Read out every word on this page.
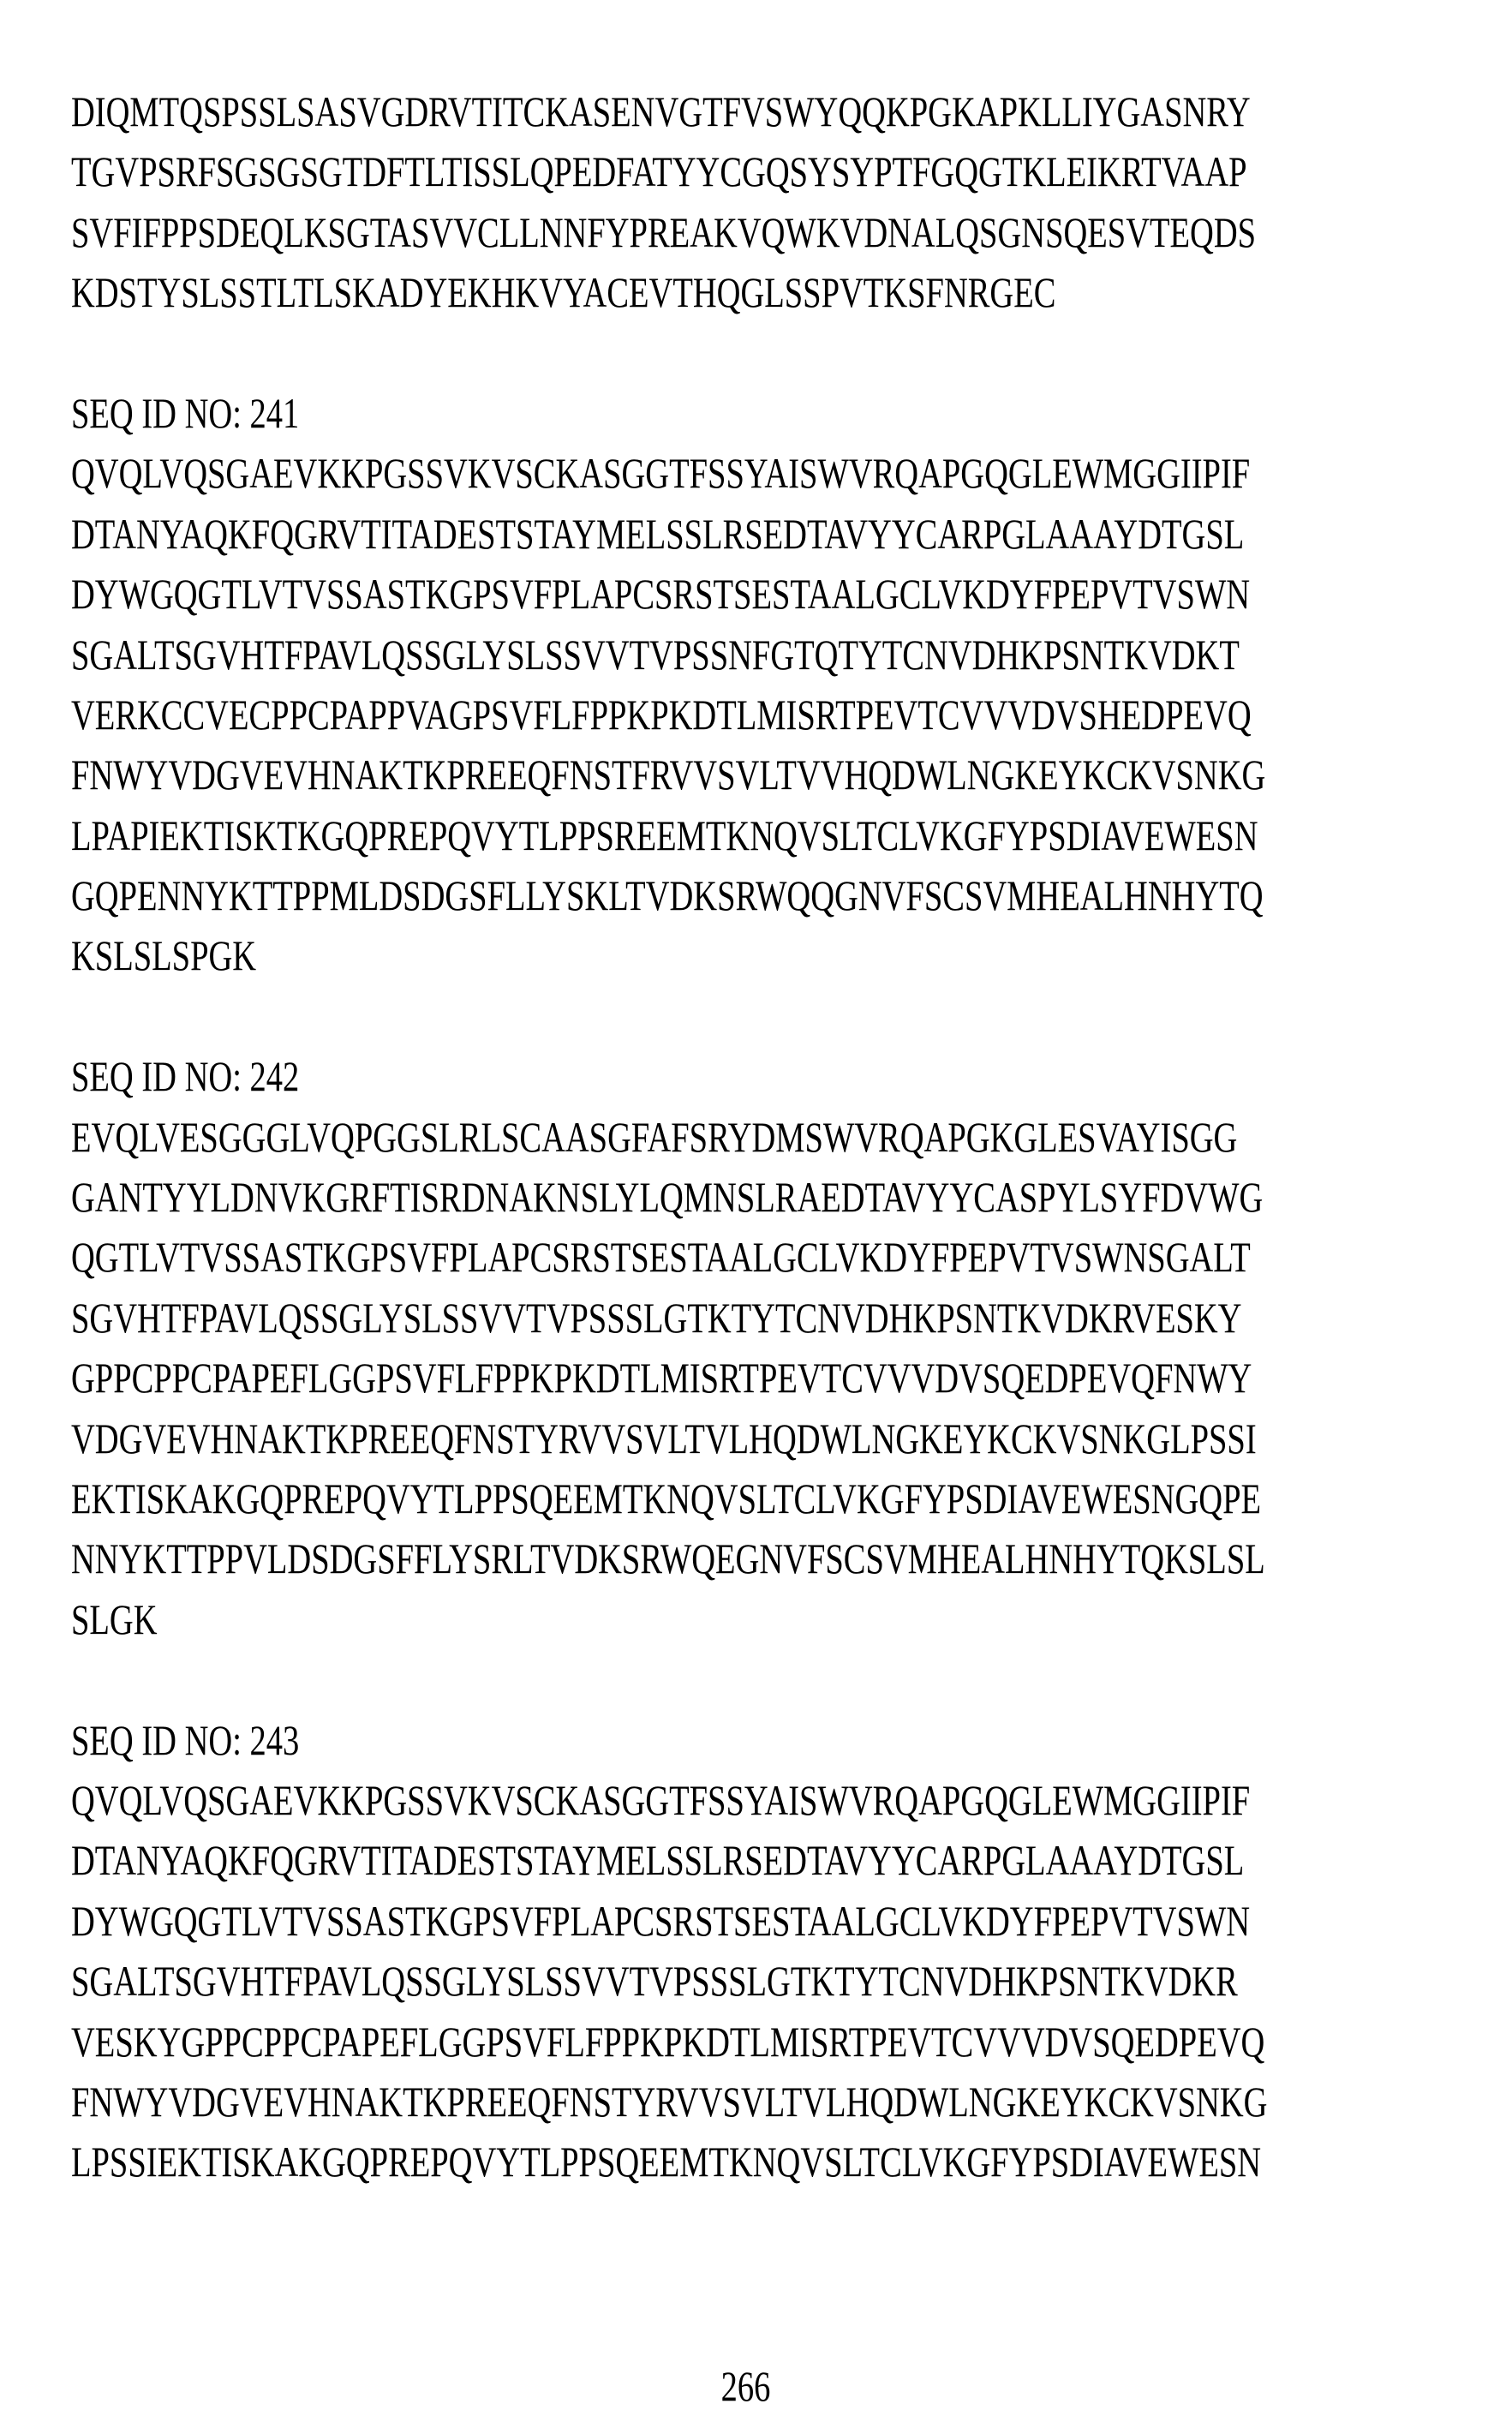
DIQMTQSPSSLSASVGDRVTITCKASENVGTFVSWYQQKPGKAPKLLIYGASNRY
TGVPSRFSGSGSGTDFTLTISSLQPEDFATYYCGQSYSYPTFGQGTKLEIKRTVAAP
SVFIFPPSDEQLKSGTASVVCLLNNFYPREAKVQWKVDNALQSGNSQESVTEQDS
KDSTYSLSSTLTLSKADYEKHKVYACEVTHQGLSSPVTKSFNRGEC
SEQ ID NO: 241
QVQLVQSGAEVKKPGSSVKVSCKASGGTFSSYAISWVRQAPGQGLEWMGGIIPIF
DTANYAQKFQGRVTITADESTSTAYMELSSLRSEDTAVYYCARPGLAAAYDTGSL
DYWGQGTLVTVSSASTKGPSVFPLAPCSRSTSESTAALGCLVKDYFPEPVTVSWN
SGALTSGVHTFPAVLQSSGLYSLSSVVTVPSSNFGTQTYTCNVDHKPSNTKVDKT
VERKCCVECPPCPAPPVAGPSVFLFPPKPKDTLMISRTPEVTCVVVDVSHEDPEVQ
FNWYVDGVEVHNAKTKPREEQFNSTFRVVSVLTVVHQDWLNGKEYKCKVSNKG
LPAPIEKTISKTKGQPREPQVYTLPPSREEMTKNQVSLTCLVKGFYPSDIAVEWESN
GQPENNYKTTPPMLDSDGSFLLYSKLTVDKSRWQQGNVFSCSVMHEALHNHYTQ
KSLSLSPGK
SEQ ID NO: 242
EVQLVESGGGLVQPGGSLRLSCAASGFAFSRYDMSWVRQAPGKGLESVAYISGG
GANTYYLDNVKGRFTISRDNAKNSLYLQMNSLRAEDTAVYYCASPYLSYFDVWG
QGTLVTVSSASTKGPSVFPLAPCSRSTSESTAALGCLVKDYFPEPVTVSWNSGALT
SGVHTFPAVLQSSGLYSLSSVVTVPSSSLGTKTYTCNVDHKPSNTKVDKRVESKY
GPPCPPCPAPEFLGGPSVFLFPPKPKDTLMISRTPEVTCVVVDVSQEDPEVQFNWY
VDGVEVHNAKTKPREEQFNSTYRVVSVLTVLHQDWLNGKEYKCKVSNKGLPSSI
EKTISKAKGQPREPQVYTLPPSQEEMTKNQVSLTCLVKGFYPSDIAVEWESNGQPE
NNYKTTPPVLDSDGSFFLYSRLTVDKSRWQEGNVFSCSVMHEALHNHYTQKSLSL
SLGK
SEQ ID NO: 243
QVQLVQSGAEVKKPGSSVKVSCKASGGTFSSYAISWVRQAPGQGLEWMGGIIPIF
DTANYAQKFQGRVTITADESTSTAYMELSSLRSEDTAVYYCARPGLAAAYDTGSL
DYWGQGTLVTVSSASTKGPSVFPLAPCSRSTSESTAALGCLVKDYFPEPVTVSWN
SGALTSGVHTFPAVLQSSGLYSLSSVVTVPSSSLGTKTYTCNVDHKPSNTKVDKR
VESKYGPPCPPCPAPEFLGGPSVFLFPPKPKDTLMISRTPEVTCVVVDVSQEDPEVQ
FNWYVDGVEVHNAKTKPREEQFNSTYRVVSVLTVLHQDWLNGKEYKCKVSNKG
LPSSIEKTISKAKGQPREPQVYTLPPSQEEMTKNQVSLTCLVKGFYPSDIAVEWESN
266
